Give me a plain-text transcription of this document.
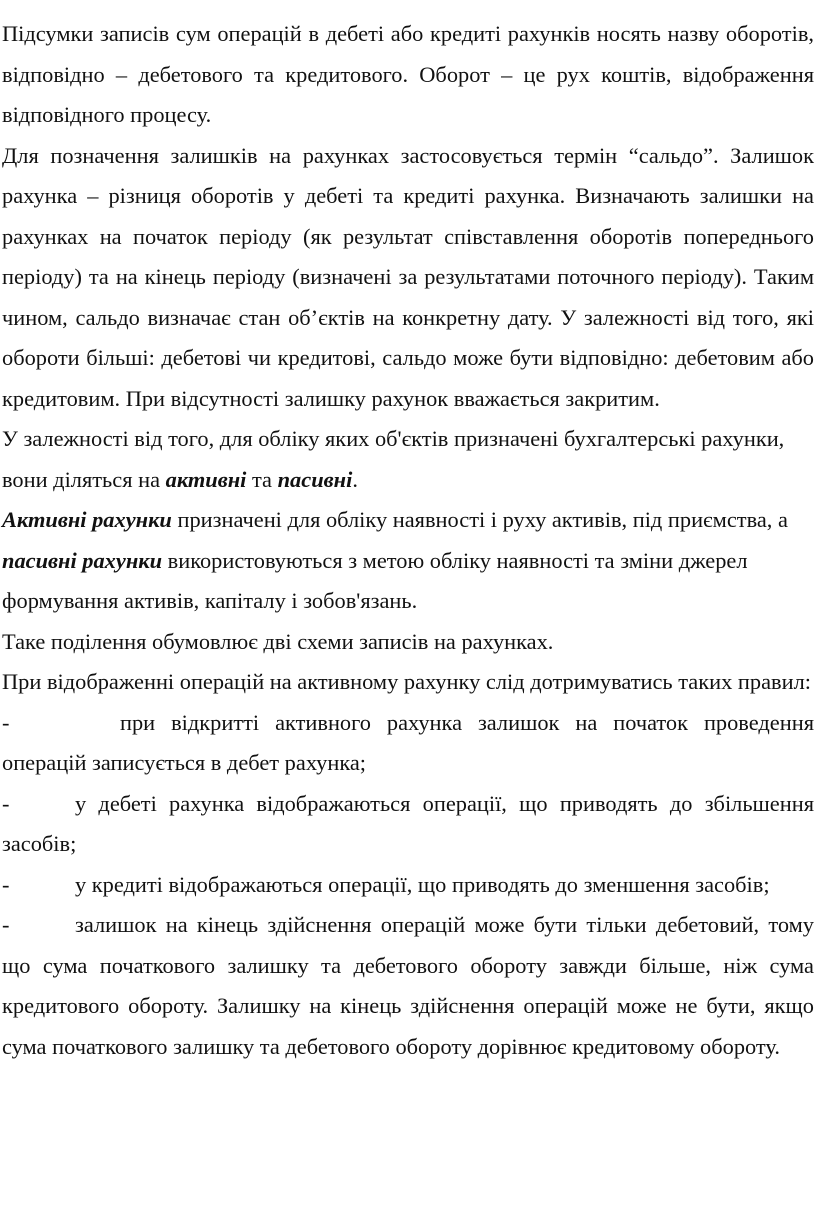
Підсумки записів сум операцій в дебеті або кредиті рахунків носять назву оборотів, відповідно – дебетового та кредитового. Оборот – це рух коштів, відображення відповідного процесу.

Для позначення залишків на рахунках застосовується термін “сальдо”. Залишок рахунка – різниця оборотів у дебеті та кредиті рахунка. Визначають залишки на рахунках на початок періоду (як результат співставлення оборотів попереднього періоду) та на кінець періоду (визначені за результатами поточного періоду). Таким чином, сальдо визначає стан об’єктів на конкретну дату. У залежності від того, які обороти більші: дебетові чи кредитові, сальдо може бути відповідно: дебетовим або кредитовим. При відсутності залишку рахунок вважається закритим.

У залежності від того, для обліку яких об'єктів призначені бухгалтерські рахунки, вони діляться на активні та пасивні.

Активні рахунки призначені для обліку наявності і руху активів, під приємства, а пасивні рахунки використовуються з метою обліку наявності та зміни джерел формування активів, капіталу і зобов'язань.

Таке поділення обумовлює дві схеми записів на рахунках.

При відображенні операцій на активному рахунку слід дотримуватись таких правил:

-	при відкритті активного рахунка залишок на початок проведення операцій записується в дебет рахунка;

-	у дебеті рахунка відображаються операції, що приводять до збільшення засобів;

-	у кредиті відображаються операції, що приводять до зменшення засобів;

-	залишок на кінець здійснення операцій може бути тільки дебетовий, тому що сума початкового залишку та дебетового обороту завжди більше, ніж сума кредитового обороту. Залишку на кінець здійснення операцій може не бути, якщо сума початкового залишку та дебетового обороту дорівнює кредитовому обороту.
